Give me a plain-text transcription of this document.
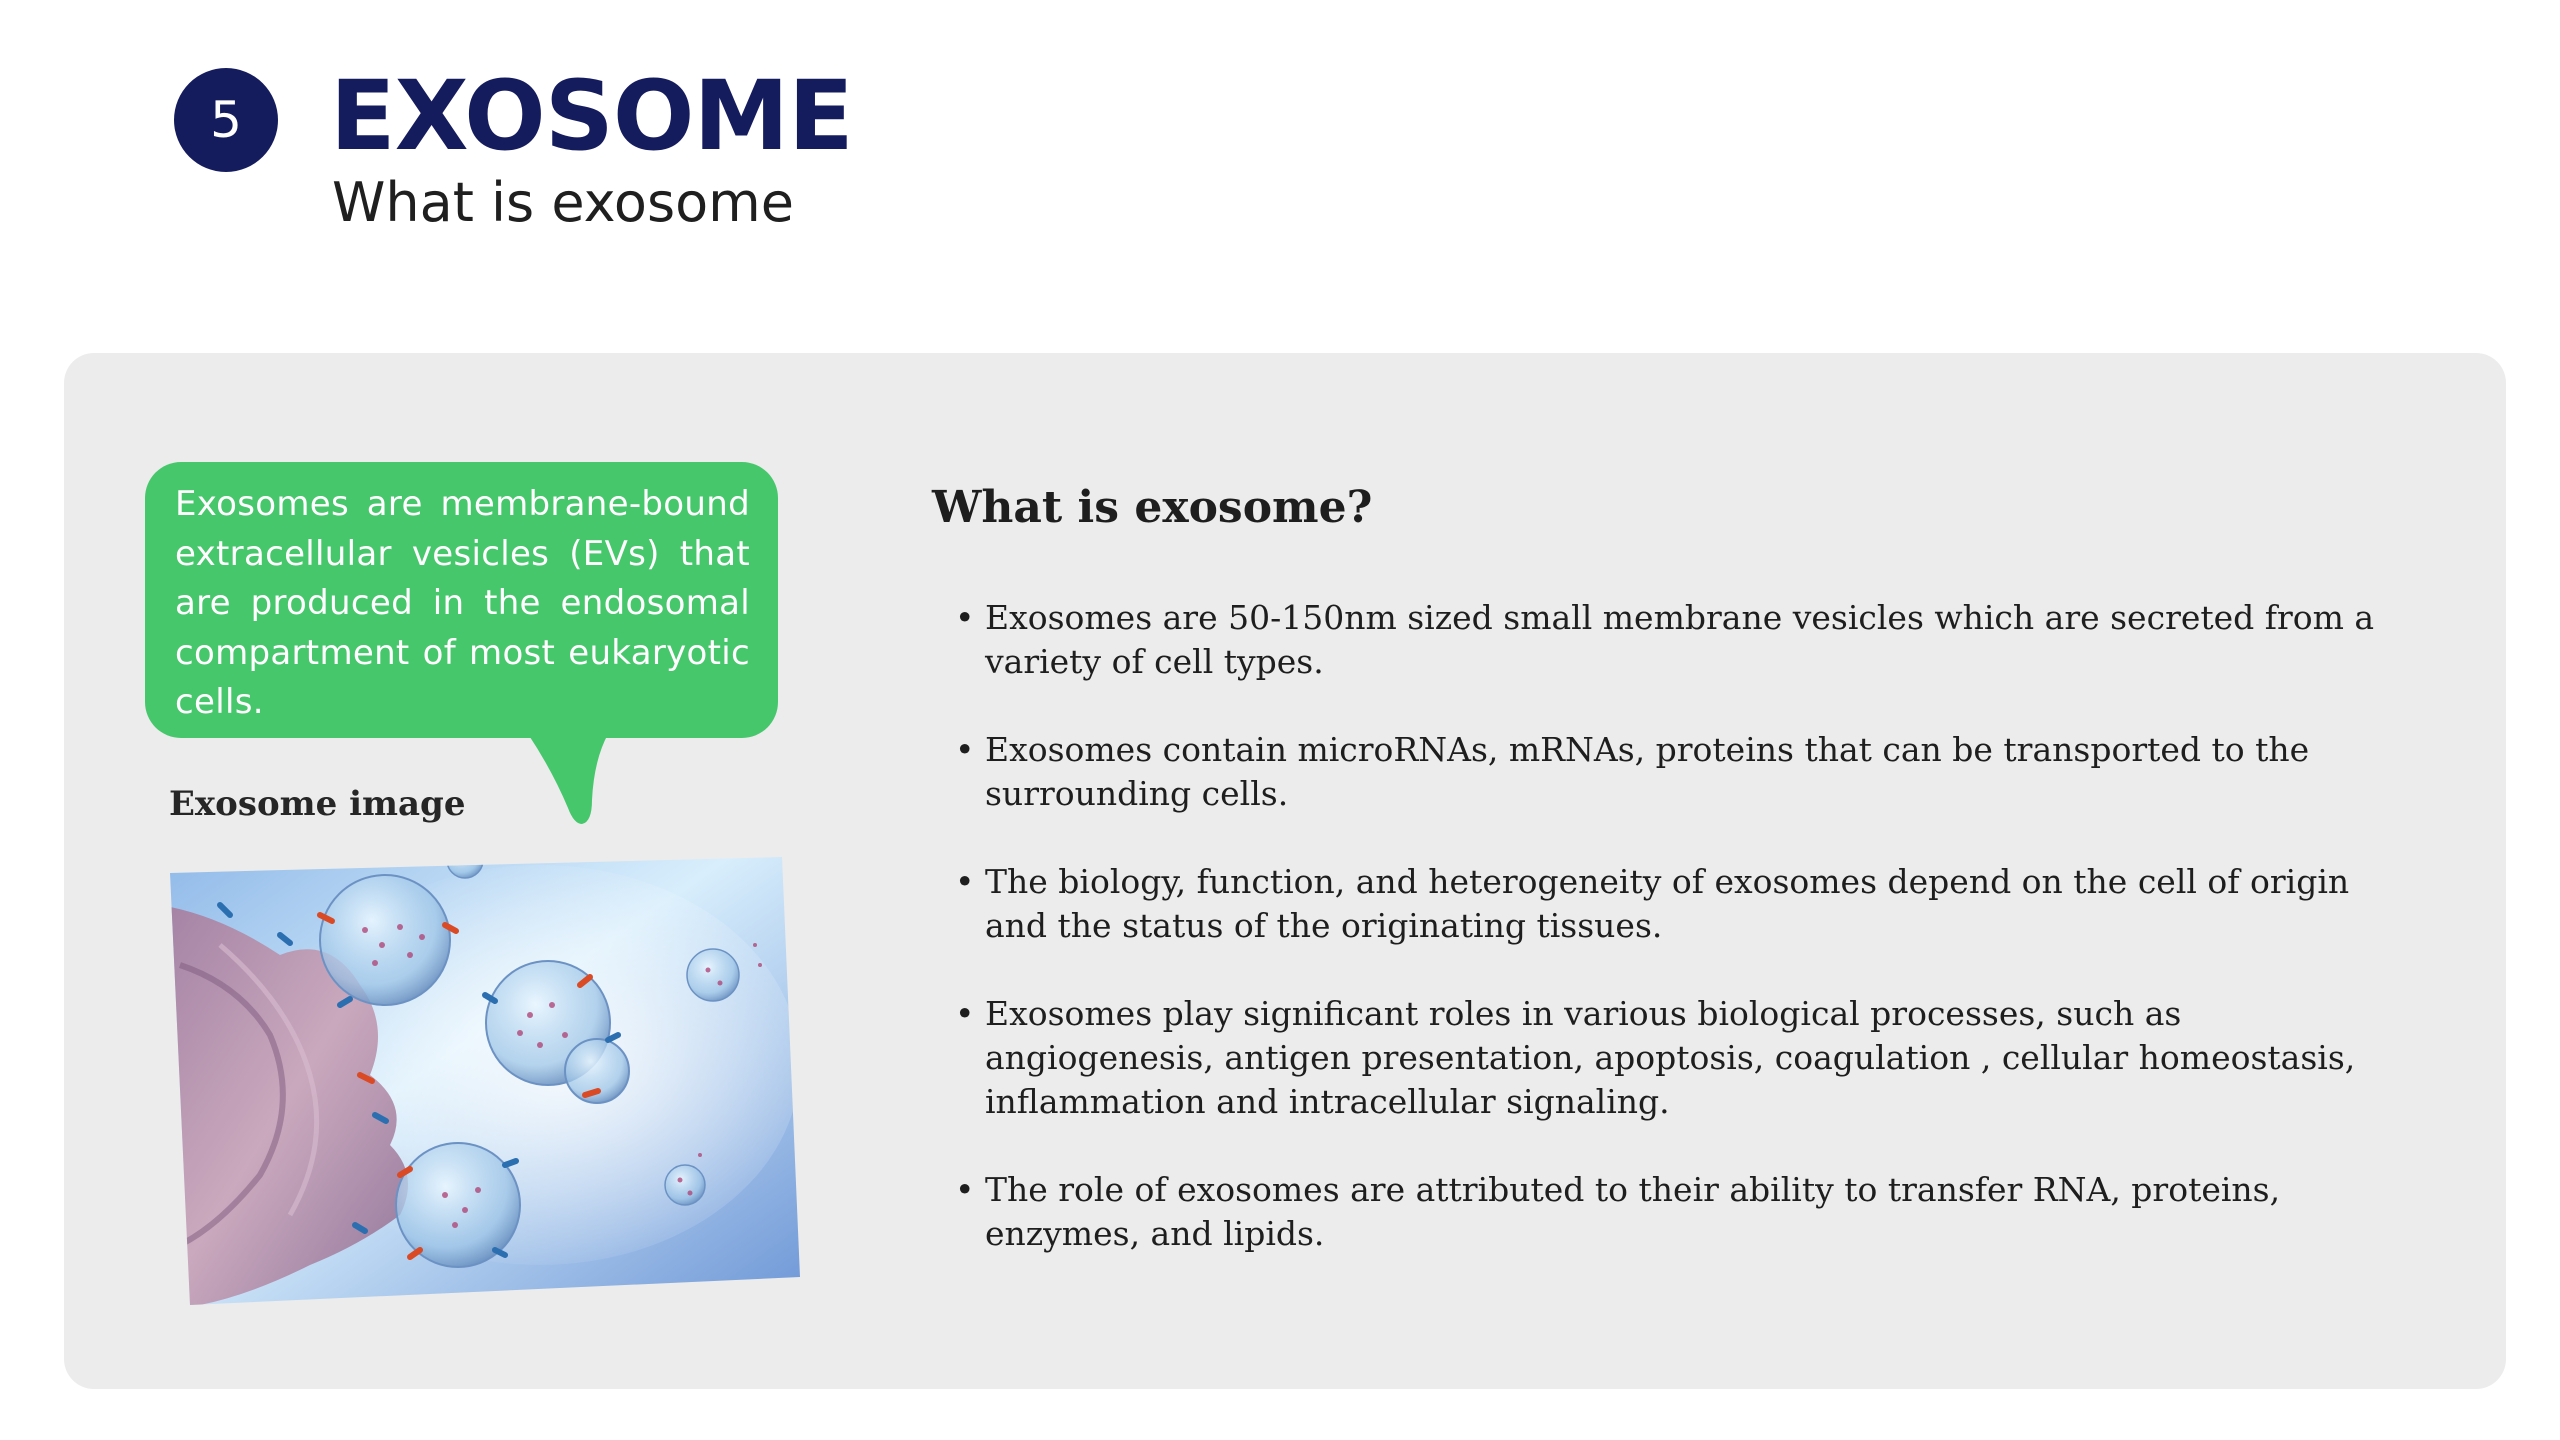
5 EXOSOME
What is exosome

Exosomes are membrane-bound extracellular vesicles (EVs) that are produced in the endosomal compartment of most eukaryotic cells.

Exosome image
What is exosome?
• Exosomes are 50-150nm sized small membrane vesicles which are secreted from a variety of cell types.
• Exosomes contain microRNAs, mRNAs, proteins that can be transported to the surrounding cells.
• The biology, function, and heterogeneity of exosomes depend on the cell of origin and the status of the originating tissues.
• Exosomes play significant roles in various biological processes, such as angiogenesis, antigen presentation, apoptosis, coagulation , cellular homeostasis, inflammation and intracellular signaling.
• The role of exosomes are attributed to their ability to transfer RNA, proteins, enzymes, and lipids.
